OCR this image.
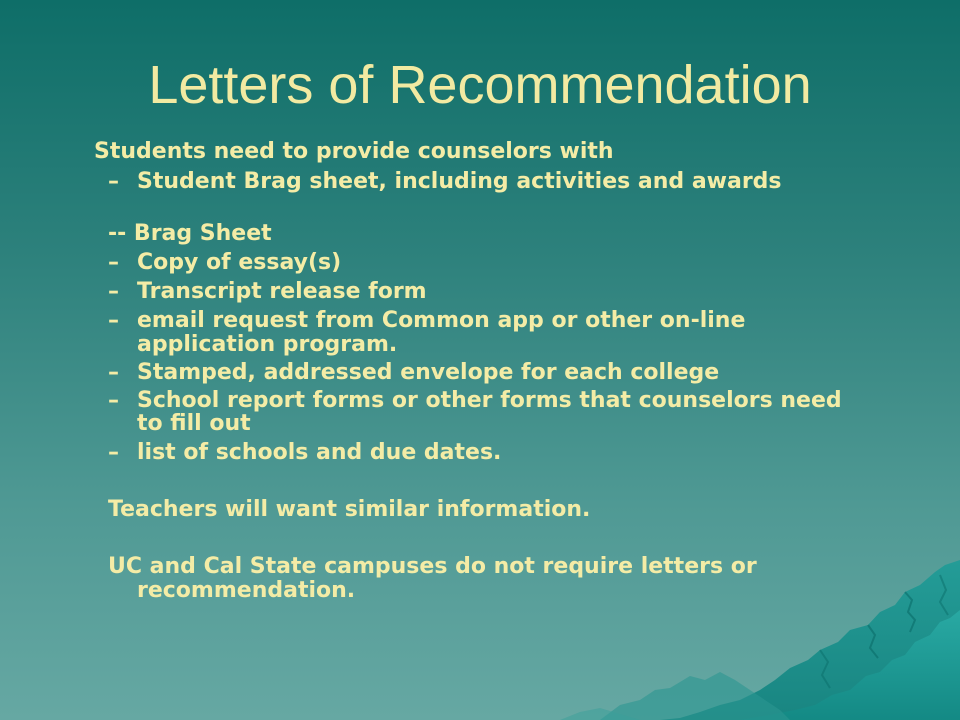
Letters of Recommendation
Students need to provide counselors with
– Student Brag sheet, including activities and awards
-- Brag Sheet
– Copy of essay(s)
– Transcript release form
– email request from Common app or other on-line
application program.
– Stamped, addressed envelope for each college
– School report forms or other forms that counselors need
to fill out
– list of schools and due dates.
Teachers will want similar information.
UC and Cal State campuses do not require letters or
recommendation.
